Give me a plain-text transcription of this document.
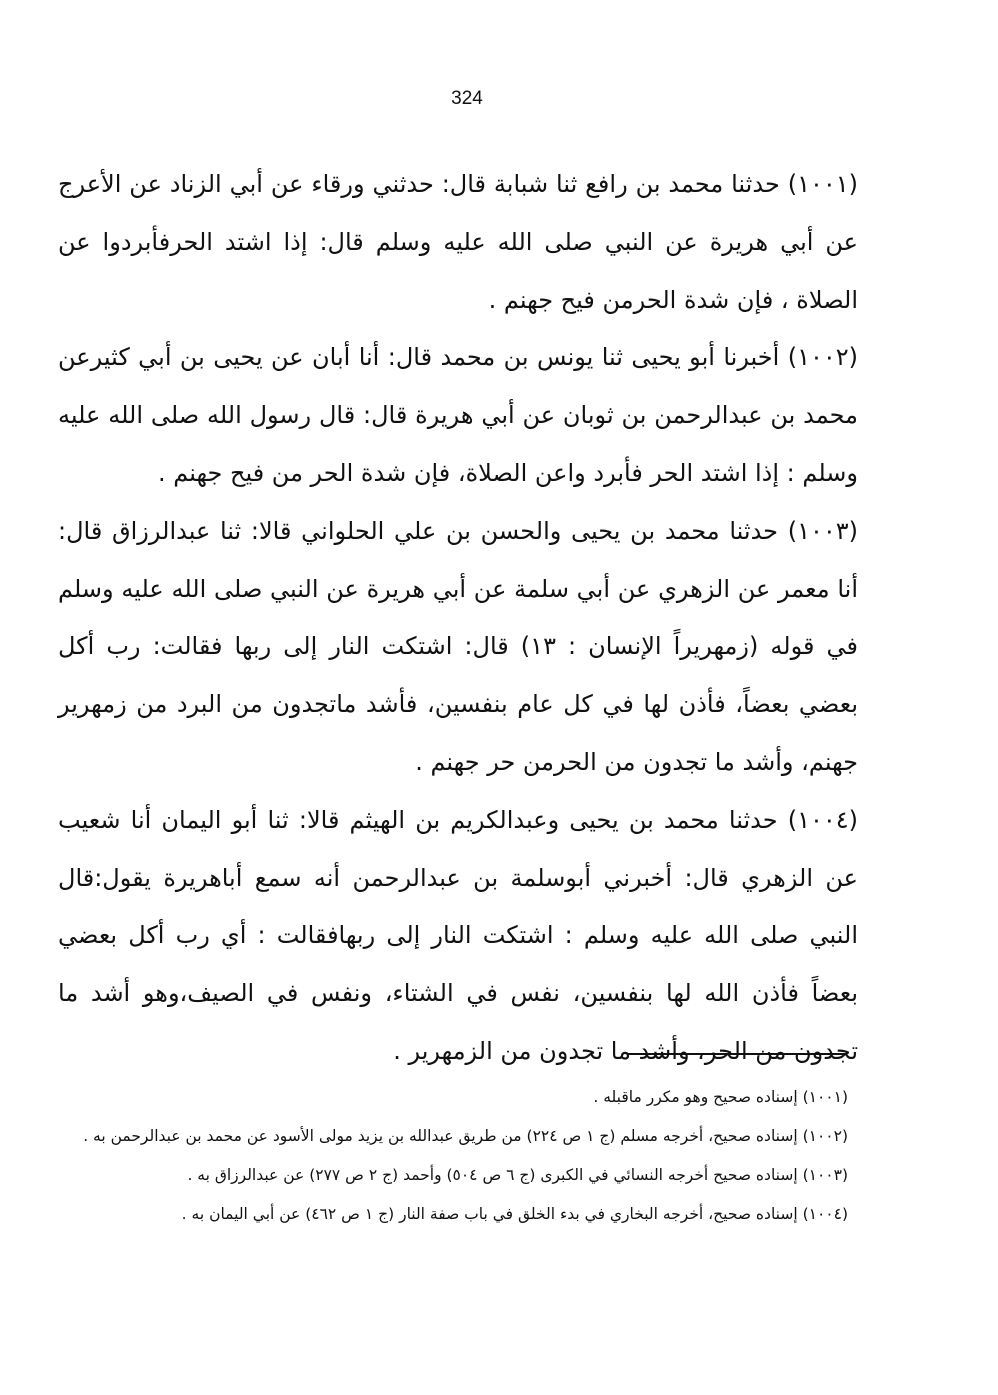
324

(١٠٠١) حدثنا محمد بن رافع ثنا شبابة قال: حدثني ورقاء عن أبي الزناد عن الأعرج عن أبي هريرة عن النبي صلى الله عليه وسلم قال: إذا اشتد الحرفأبردوا عن الصلاة ، فإن شدة الحرمن فيح جهنم .

(١٠٠٢) أخبرنا أبو يحيى ثنا يونس بن محمد قال: أنا أبان عن يحيى بن أبي كثيرعن محمد بن عبدالرحمن بن ثوبان عن أبي هريرة قال: قال رسول الله صلى الله عليه وسلم : إذا اشتد الحر فأبرد واعن الصلاة، فإن شدة الحر من فيح جهنم .

(١٠٠٣) حدثنا محمد بن يحيى والحسن بن علي الحلواني قالا: ثنا عبدالرزاق قال: أنا معمر عن الزهري عن أبي سلمة عن أبي هريرة عن النبي صلى الله عليه وسلم في قوله (زمهريراً الإنسان : ١٣) قال: اشتكت النار إلى ربها فقالت: رب أكل بعضي بعضاً، فأذن لها في كل عام بنفسين، فأشد ماتجدون من البرد من زمهرير جهنم، وأشد ما تجدون من الحرمن حر جهنم .

(١٠٠٤) حدثنا محمد بن يحيى وعبدالكريم بن الهيثم قالا: ثنا أبو اليمان أنا شعيب عن الزهري قال: أخبرني أبوسلمة بن عبدالرحمن أنه سمع أباهريرة يقول:قال النبي صلى الله عليه وسلم : اشتكت النار إلى ربهافقالت : أي رب أكل بعضي بعضاً فأذن الله لها بنفسين، نفس في الشتاء، ونفس في الصيف،وهو أشد ما تجدون من الحر، وأشد ما تجدون من الزمهرير .

(١٠٠١) إسناده صحيح وهو مكرر ماقبله .

(١٠٠٢) إسناده صحيح، أخرجه مسلم (ج ١ ص ٢٢٤) من طريق عبدالله بن يزيد مولى الأسود عن محمد بن عبدالرحمن به .

(١٠٠٣) إسناده صحيح أخرجه النسائي في الكبرى (ج ٦ ص ٥٠٤) وأحمد (ج ٢ ص ٢٧٧) عن عبدالرزاق به .

(١٠٠٤) إسناده صحيح، أخرجه البخاري في بدء الخلق في باب صفة النار (ج ١ ص ٤٦٢) عن أبي اليمان به .
